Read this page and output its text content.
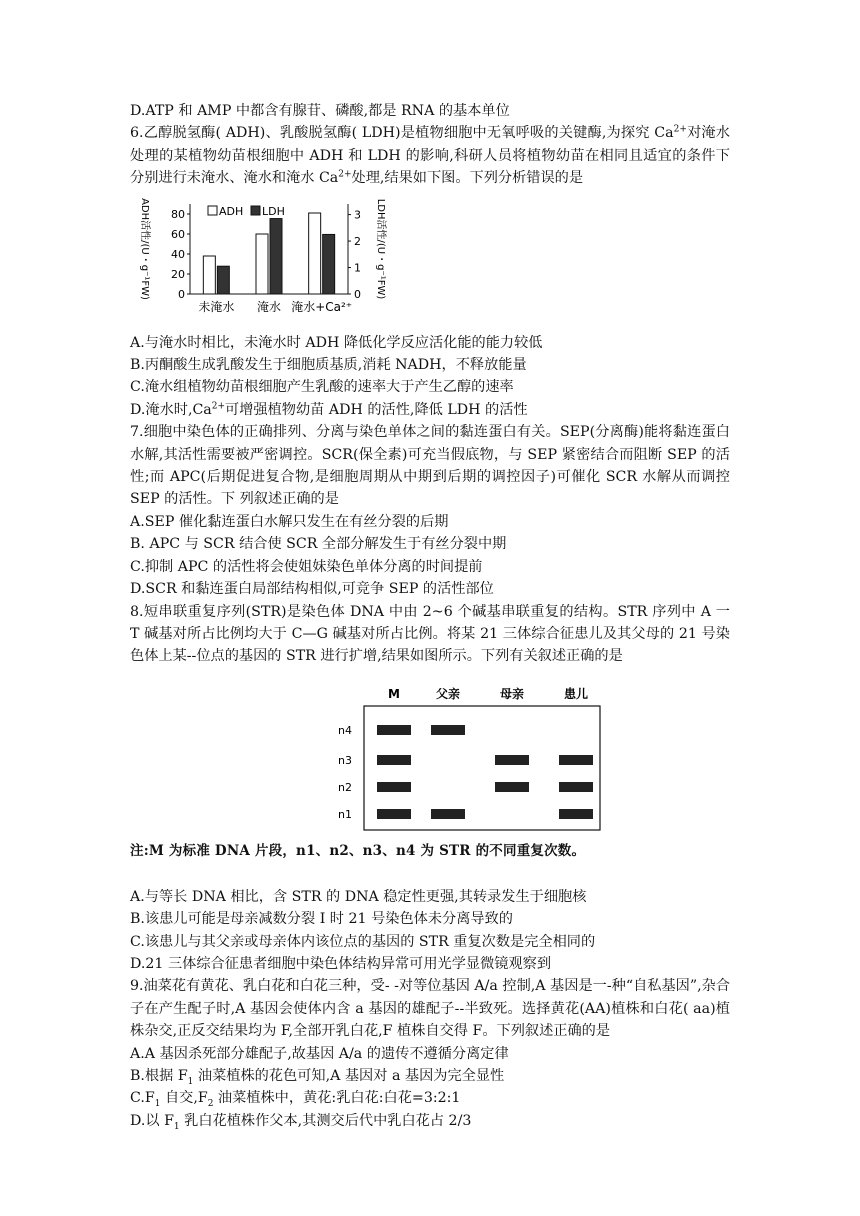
D.ATP 和 AMP 中都含有腺苷、磷酸,都是 RNA 的基本单位

6.乙醇脱氢酶( ADH)、乳酸脱氢酶( LDH)是植物细胞中无氧呼吸的关键酶,为探究 $Ca^{2+}$对淹水处理的某植物幼苗根细胞中 ADH 和 LDH 的影响,科研人员将植物幼苗在相同且适宜的条件下分别进行未淹水、淹水和淹水 $Ca^{2+}$处理,结果如下图。下列分析错误的是

ADH活性/(U・g⁻¹FW)	LDH活性/(U・g⁻¹FW)
ADH LDH
0
20
40
60
80
0
1
2
3
未淹水 淹水 淹水+Ca²⁺

A.与淹水时相比，未淹水时 ADH 降低化学反应活化能的能力较低

B.丙酮酸生成乳酸发生于细胞质基质,消耗 NADH，不释放能量

C.淹水组植物幼苗根细胞产生乳酸的速率大于产生乙醇的速率

D.淹水时$,Ca^{2+}$可增强植物幼苗 ADH 的活性,降低 LDH 的活性

7.细胞中染色体的正确排列、分离与染色单体之间的黏连蛋白有关。SEP(分离酶)能将黏连蛋白水解,其活性需要被严密调控。SCR(保全素)可充当假底物，与 SEP 紧密结合而阻断 SEP 的活性;而 APC(后期促进复合物,是细胞周期从中期到后期的调控因子)可催化 SCR 水解从而调控 SEP 的活性。下 列叙述正确的是

A.SEP 催化黏连蛋白水解只发生在有丝分裂的后期

B. APC 与 SCR 结合使 SCR 全部分解发生于有丝分裂中期

C.抑制 APC 的活性将会使姐妹染色单体分离的时间提前

D.SCR 和黏连蛋白局部结构相似,可竞争 SEP 的活性部位

8.短串联重复序列(STR)是染色体 DNA 中由 2~6 个碱基串联重复的结构。STR 序列中 A 一 T 碱基对所占比例均大于 C—G 碱基对所占比例。将某 21 三体综合征患儿及其父母的 21 号染色体上某--位点的基因的 STR 进行扩增,结果如图所示。下列有关叙述正确的是

M	父亲	母亲	患儿
n4
n3
n2
n1
注:M 为标准 DNA 片段，n1、n2、n3、n4 为 STR 的不同重复次数。

A.与等长 DNA 相比，含 STR 的 DNA 稳定性更强,其转录发生于细胞核

B.该患儿可能是母亲减数分裂 I 时 21 号染色体未分离导致的

C.该患儿与其父亲或母亲体内该位点的基因的 STR 重复次数是完全相同的

D.21 三体综合征患者细胞中染色体结构异常可用光学显微镜观察到

9.油菜花有黄花、乳白花和白花三种，受- -对等位基因 A/a 控制,A 基因是一-种“自私基因”,杂合子在产生配子时,A 基因会使体内含 a 基因的雄配子--半致死。选择黄花(AA)植株和白花( aa)植株杂交,正反交结果均为 F,全部开乳白花,F 植株自交得 F。下列叙述正确的是

A.A 基因杀死部分雄配子,故基因 A/a 的遗传不遵循分离定律

B.根据 $F_1$ 油菜植株的花色可知,A 基因对 a 基因为完全显性

$C.F_1$ 自交$,F_2$ 油菜植株中，黄花:乳白花:白花=3:2:1

D.以 $F_1$ 乳白花植株作父本,其测交后代中乳白花占 2/3
